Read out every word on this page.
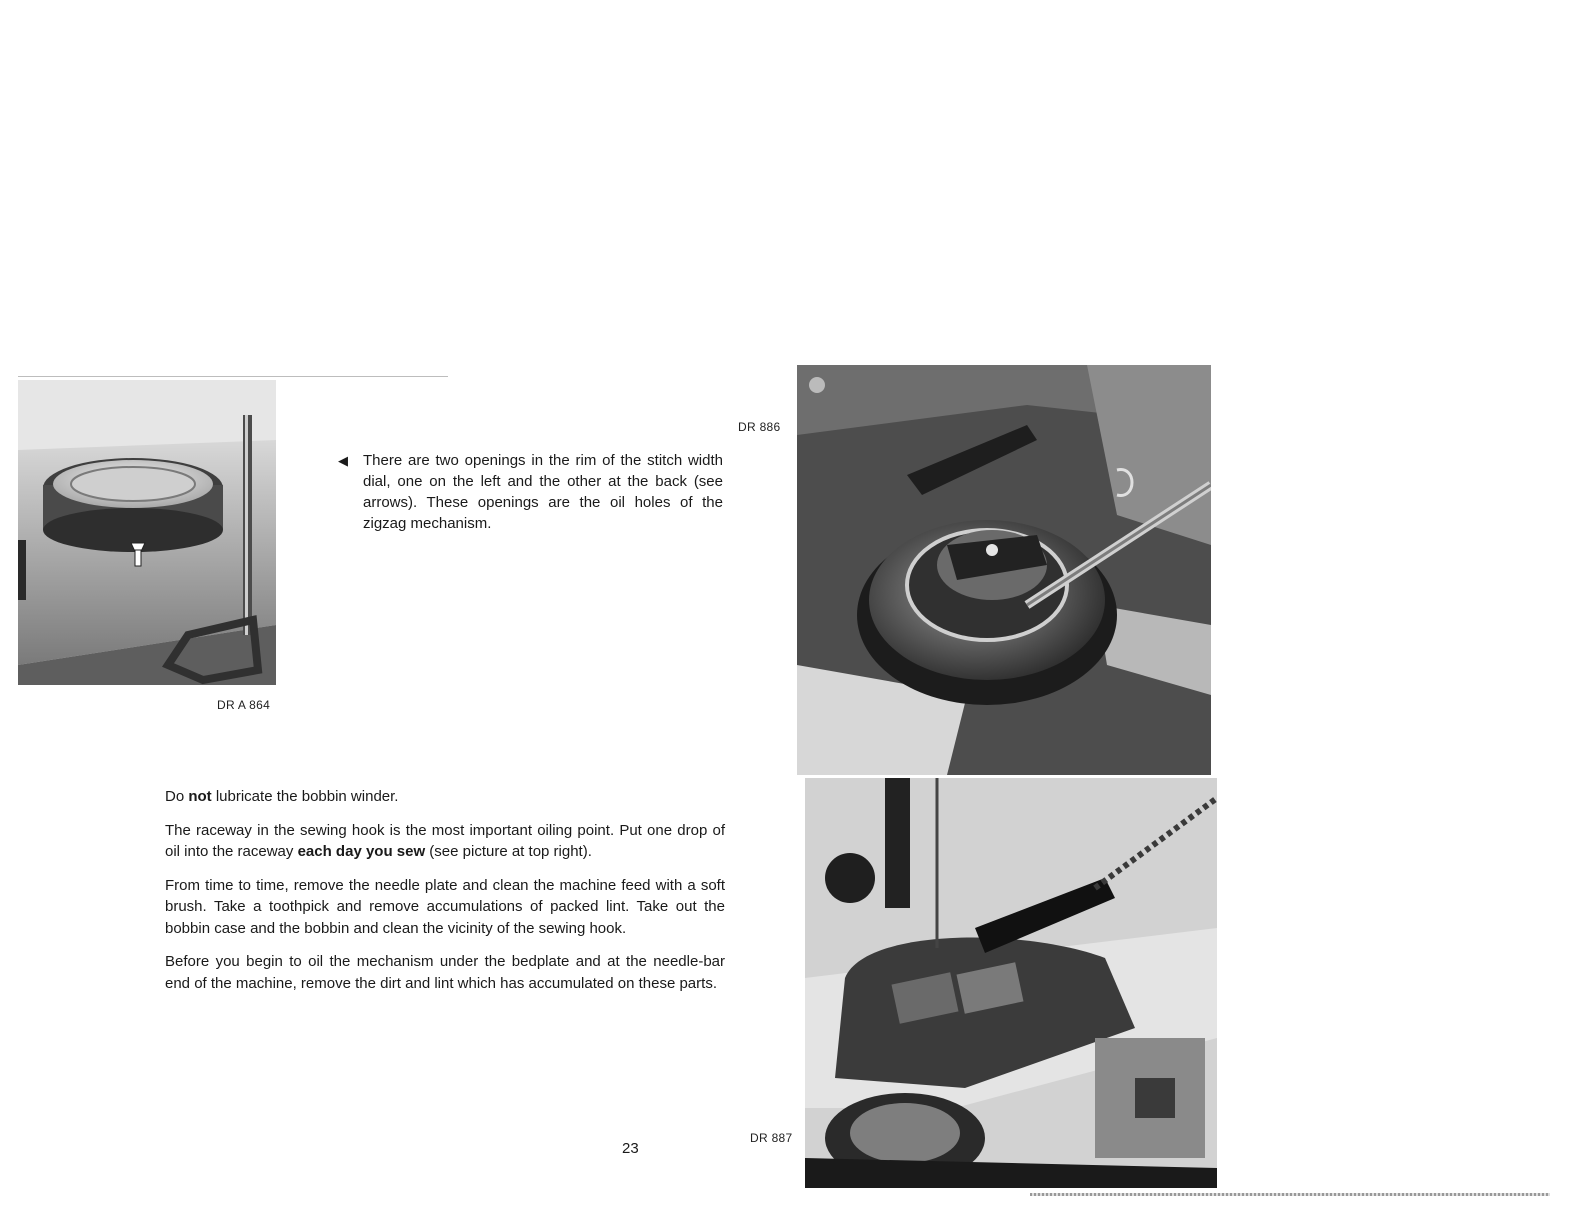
DR A 864
◀ There are two openings in the rim of the stitch width dial, one on the left and the other at the back (see arrows). These openings are the oil holes of the zigzag mechanism.
DR 886
DR 887

Do not lubricate the bobbin winder.

The raceway in the sewing hook is the most important oiling point. Put one drop of oil into the raceway each day you sew (see picture at top right).

From time to time, remove the needle plate and clean the machine feed with a soft brush. Take a toothpick and remove accumulations of packed lint. Take out the bobbin case and the bobbin and clean the vicinity of the sewing hook.

Before you begin to oil the mechanism under the bedplate and at the needle-bar end of the machine, remove the dirt and lint which has accumulated on these parts.

23
